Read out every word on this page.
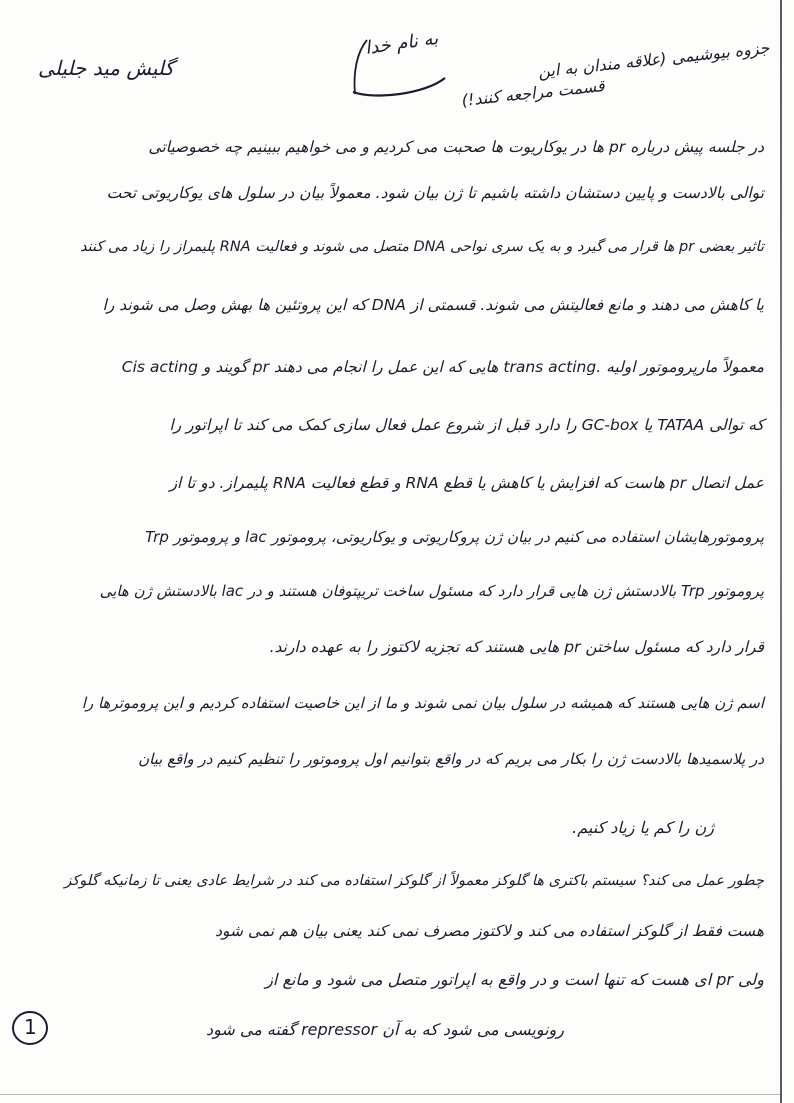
گلیش مید جلیلی
به نام خدا	جزوه بیوشیمی (علاقه مندان به این
قسمت مراجعه کنند!)
در جلسه پیش درباره pr ها در یوکاریوت ها صحبت می کردیم و می خواهیم ببینیم چه خصوصیاتی
توالی بالادست و پایین دستشان داشته باشیم تا ژن بیان شود. معمولاً بیان در سلول های یوکاریوتی تحت
تاثیر بعضی pr ها قرار می گیرد و به یک سری نواحی DNA متصل می شوند و فعالیت RNA پلیمراز را زیاد می کنند
یا کاهش می دهند و مانع فعالیتش می شوند. قسمتی از DNA که این پروتئین ها بهش وصل می شوند را
Cis acting گویند و pr هایی که این عمل را انجام می دهند trans acting. معمولاً مارپروموتور اولیه
که توالی TATAA یا GC-box را دارد قبل از شروع عمل فعال سازی کمک می کند تا اپراتور را
عمل اتصال pr هاست که افزایش یا کاهش یا قطع RNA و قطع فعالیت RNA پلیمراز. دو تا از
پروموتورهایشان استفاده می کنیم در بیان ژن پروکاریوتی و یوکاریوتی، پروموتور lac و پروموتور Trp
پروموتور Trp بالادستش ژن هایی قرار دارد که مسئول ساخت تریپتوفان هستند و در lac بالادستش ژن هایی
قرار دارد که مسئول ساختن pr هایی هستند که تجزیه لاکتوز را به عهده دارند.
اسم ژن هایی هستند که همیشه در سلول بیان نمی شوند و ما از این خاصیت استفاده کردیم و این پروموترها را
در پلاسمیدها بالادست ژن را بکار می بریم که در واقع بتوانیم اول پروموتور را تنظیم کنیم در واقع بیان
ژن را کم یا زیاد کنیم.
چطور عمل می کند؟ سیستم باکتری ها گلوکز معمولاً از گلوکز استفاده می کند در شرایط عادی یعنی تا زمانیکه گلوکز
هست فقط از گلوکز استفاده می کند و لاکتوز مصرف نمی کند یعنی بیان هم نمی شود
ولی pr ای هست که تنها است و در واقع به اپراتور متصل می شود و مانع از
رونویسی می شود که به آن repressor گفته می شود
1
